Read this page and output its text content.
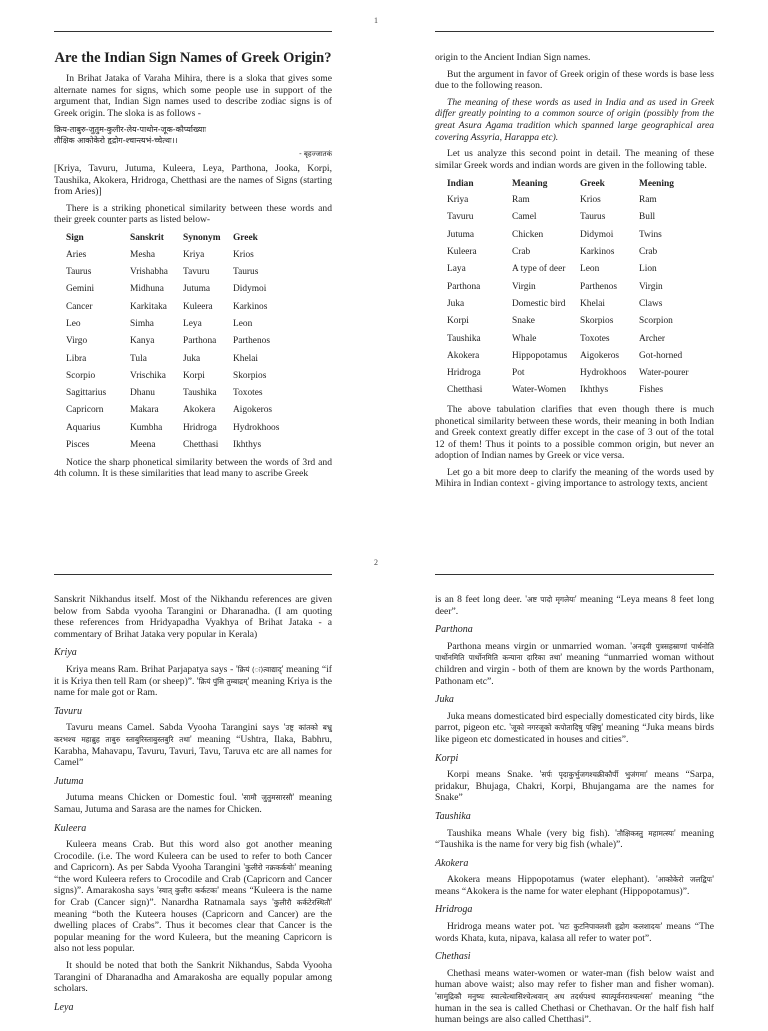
1
Are the Indian Sign Names of Greek Origin?

In Brihat Jataka of Varaha Mihira, there is a sloka that gives some alternate names for signs, which some people use in support of the argument that, Indian Sign names used to describe zodiac signs is of Greek origin. The sloka is as follows -

क्रिय-ताबुरु-जुतुम-कुलीर-लेय-पाथोन-जूक-कौर्प्याख्याः
तौक्षिक आकोकेरो हृद्रोग-श्चान्त्यभं-च्चेत्थः।।
- बृहज्जातकं

[Kriya, Tavuru, Jutuma, Kuleera, Leya, Parthona, Jooka, Korpi, Taushika, Akokera, Hridroga, Chetthasi are the names of Signs (starting from Aries)]

There is a striking phonetical similarity between these words and their greek counter parts as listed below-

Sign	Sanskrit	Synonym	Greek
Aries	Mesha	Kriya	Krios
Taurus	Vrishabha	Tavuru	Taurus
Gemini	Midhuna	Jutuma	Didymoi
Cancer	Karkitaka	Kuleera	Karkinos
Leo	Simha	Leya	Leon
Virgo	Kanya	Parthona	Parthenos
Libra	Tula	Juka	Khelai
Scorpio	Vrischika	Korpi	Skorpios
Sagittarius	Dhanu	Taushika	Toxotes
Capricorn	Makara	Akokera	Aigokeros
Aquarius	Kumbha	Hridroga	Hydrokhoos
Pisces	Meena	Chetthasi	Ikhthys

Notice the sharp phonetical similarity between the words of 3rd and 4th column. It is these similarities that lead many to ascribe Greek

origin to the Ancient Indian Sign names.

But the argument in favor of Greek origin of these words is base less due to the following reason.

The meaning of these words as used in India and as used in Greek differ greatly pointing to a common source of origin (possibly from the great Asura Agama tradition which spanned large geographical area covering Assyria, Harappa etc).

Let us analyze this second point in detail. The meaning of these similar Greek words and indian words are given in the following table.

Indian	Meaning	Greek	Meening
Kriya	Ram	Krios	Ram
Tavuru	Camel	Taurus	Bull
Jutuma	Chicken	Didymoi	Twins
Kuleera	Crab	Karkinos	Crab
Laya	A type of deer	Leon	Lion
Parthona	Virgin	Parthenos	Virgin
Juka	Domestic bird	Khelai	Claws
Korpi	Snake	Skorpios	Scorpion
Taushika	Whale	Toxotes	Archer
Akokera	Hippopotamus	Aigokeros	Got-horned
Hridroga	Pot	Hydrokhoos	Water-pourer
Chetthasi	Water-Women	Ikhthys	Fishes

The above tabulation clarifies that even though there is much phonetical similarity between these words, their meaning in both Indian and Greek context greatly differ except in the case of 3 out of the total 12 of them! Thus it points to a possible common origin, but never an adoption of Indian names by Greek or vice versa.

Let go a bit more deep to clarify the meaning of the words used by Mihira in Indian context - giving importance to astrology texts, ancient

2

Sanskrit Nikhandus itself. Most of the Nikhandu references are given below from Sabda vyooha Tarangini or Dharanadha. (I am quoting these references from Hridyapadha Vyakhya of Brihat Jataka - a commentary of Brihat Jataka very popular in Kerala)

Kriya

Kriya means Ram. Brihat Parjapatya says - 'क्रियं (ः)त्वाद्याद्' meaning “if it is Kriya then tell Ram (or sheep)”. 'क्रियं पुंसि तुम्बाद्रम्' meaning Kriya is the name for male got or Ram.

Tavuru

Tavuru means Camel. Sabda Vyooha Tarangini says 'उष्ट्र कांतको बभ्रु करभश्च महाब्रुह ताबुरु स्ताबुरिस्ताबुस्तबुरि तथा' meaning “Ushtra, Ilaka, Babhru, Karabha, Mahavapu, Tavuru, Tavuri, Tavu, Taruva etc are all names for Camel”

Jutuma

Jutuma means Chicken or Domestic foul. 'सामौ जुतुमसारसौ' meaning Samau, Jutuma and Sarasa are the names for Chicken.

Kuleera

Kuleera means Crab. But this word also got another meaning Crocodile. (i.e. The word Kuleera can be used to refer to both Cancer and Capricorn). As per Sabda Vyooha Tarangini 'कुलीरो नक्रकर्कयोः' meaning “the word Kuleera refers to Crocodile and Crab (Capricorn and Cancer signs)”. Amarakosha says 'स्यात् कुलीरः कर्कटकः' means “Kuleera is the name for Crab (Cancer sign)”. Nanardha Ratnamala says 'कुलीरौ कर्कटेरस्थितौ' meaning “both the Kuteera houses (Capricorn and Cancer) are the dwelling places of Crabs”. Thus it becomes clear that Cancer is the popular meaning for the word Kuleera, but the meaning Capricorn is also not less popular.

It should be noted that both the Sankrit Nikhandus, Sabda Vyooha Tarangini of Dharanadha and Amarakosha are equally popular among scholars.

Leya

is an 8 feet long deer. 'अष्ट पादो मृगलेयः' meaning “Leya means 8 feet long deer”.

Parthona

Parthona means virgin or unmarried woman. 'अनड्वी पुत्रसहस्राणां पार्थनोति पार्थोनमिति पार्थोनमिति कन्याना दारिका तथा' meaning “unmarried woman without children and virgin - both of them are known by the words Parthonam, Pathonam etc”.

Juka

Juka means domesticated bird especially domesticated city birds, like parrot, pigeon etc. 'जूको नगरजूको कपोतादिषु पक्षिषु' meaning “Juka means birds like pigeon etc domesticated in houses and cities”.

Korpi

Korpi means Snake. 'सर्पः पृदाकुर्भुजगश्चक्रीकौर्पी भुजंगमा' means “Sarpa, pridakur, Bhujaga, Chakri, Korpi, Bhujangama are the names for Snake”

Taushika

Taushika means Whale (very big fish). 'तौक्षिकस्तु महामत्स्यः' meaning “Taushika is the name for very big fish (whale)”.

Akokera

Akokera means Hippopotamus (water elephant). 'आकोकेरो जलद्विपः' means “Akokera is the name for water elephant (Hippopotamus)”.

Hridroga

Hridroga means water pot. 'घटः कुटनिपावलशी हृद्रोग कलशादयः' means “The words Khata, kuta, nipava, kalasa all refer to water pot”.

Chethasi

Chethasi means water-women or water-man (fish below waist and human above waist; also may refer to fisher man and fisher woman). 'सामुद्रिकौ मनुष्यः स्यात्चेत्थासिश्चेत्थवान् अथ तदर्धपश्चं स्यात्पूर्वनराश्चत्थसः' meaning “the human in the sea is called Chethasi or Chethavan. Or the half fish half human beings are also called Chetthasi”.
